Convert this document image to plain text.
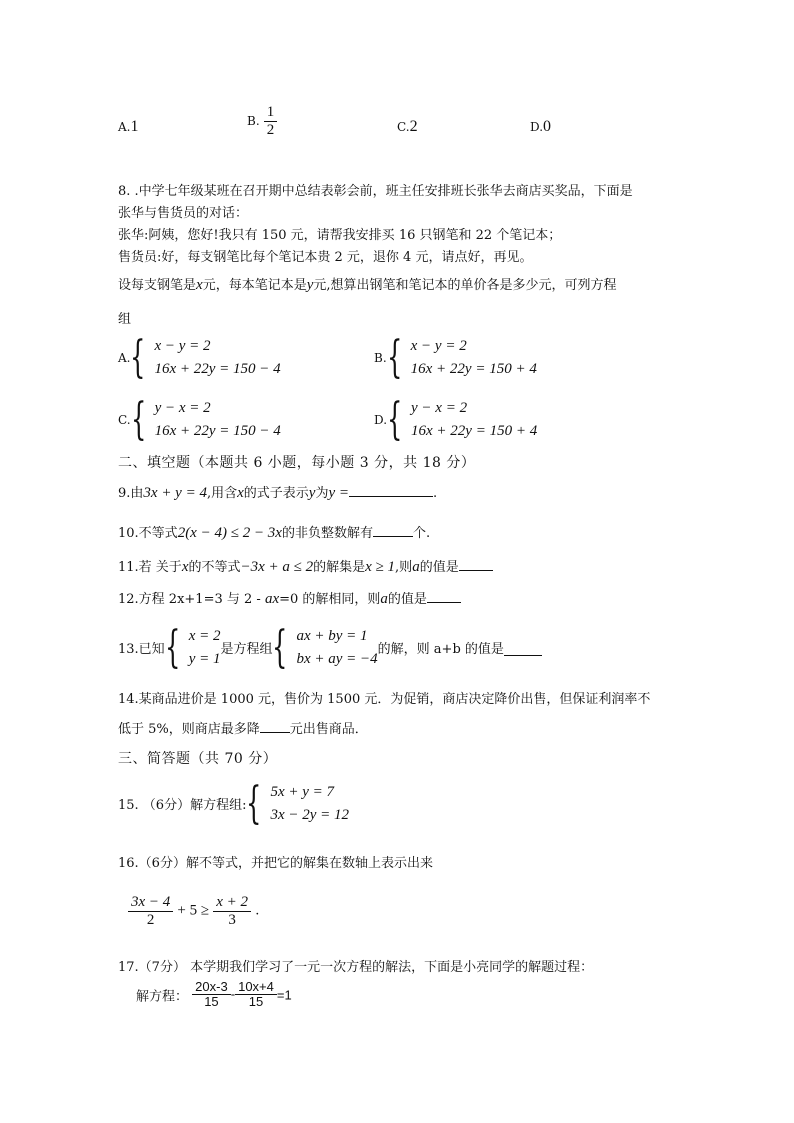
A.1	B. $\frac{1}{2}$	C.2	D.0
8. .中学七年级某班在召开期中总结表彰会前，班主任安排班长张华去商店买奖品，下面是
张华与售货员的对话：
张华:阿姨，您好!我只有 150 元，请帮我安排买 16 只钢笔和 22 个笔记本；
售货员:好，每支钢笔比每个笔记本贵 2 元，退你 4 元，请点好，再见。
设每支钢笔是x元，每本笔记本是y元,想算出钢笔和笔记本的单价各是多少元，可列方程
组
A. { x − y = 2
16x + 22y = 150 − 4
B. { x − y = 2
16x + 22y = 150 + 4
C. { y − x = 2
16x + 22y = 150 − 4
D. { y − x = 2
16x + 22y = 150 + 4
二、填空题（本题共 6 小题，每小题 3 分，共 18 分）
9.由3x + y = 4,用含x的式子表示y为y =	.
10.不等式2(x − 4) ≤ 2 − 3x的非负整数解有	个.
11.若 关于x的不等式−3x + a ≤ 2的解集是x ≥ 1,则a的值是
12.方程 2x+1=3 与 2 - ax=0 的解相同，则a的值是
13.已知 { x = 2
y = 1
是方程组 { ax + by = 1
bx + ay = −4
的解，则 a+b 的值是
14.某商品进价是 1000 元，售价为 1500 元．为促销，商店决定降价出售，但保证利润率不
低于 5%，则商店最多降 元出售商品．
三、简答题（共 70 分）
15. （6分）解方程组: { 5x + y = 7
3x − 2y = 12
16.（6分）解不等式，并把它的解集在数轴上表示出来
$\frac{3x - 4}{2} + 5 \ge \frac{x + 2}{3}$ .
17.（7分） 本学期我们学习了一元一次方程的解法，下面是小亮同学的解题过程：
解方程： $\frac{20x-3}{15} - \frac{10x+4}{15} =1$
